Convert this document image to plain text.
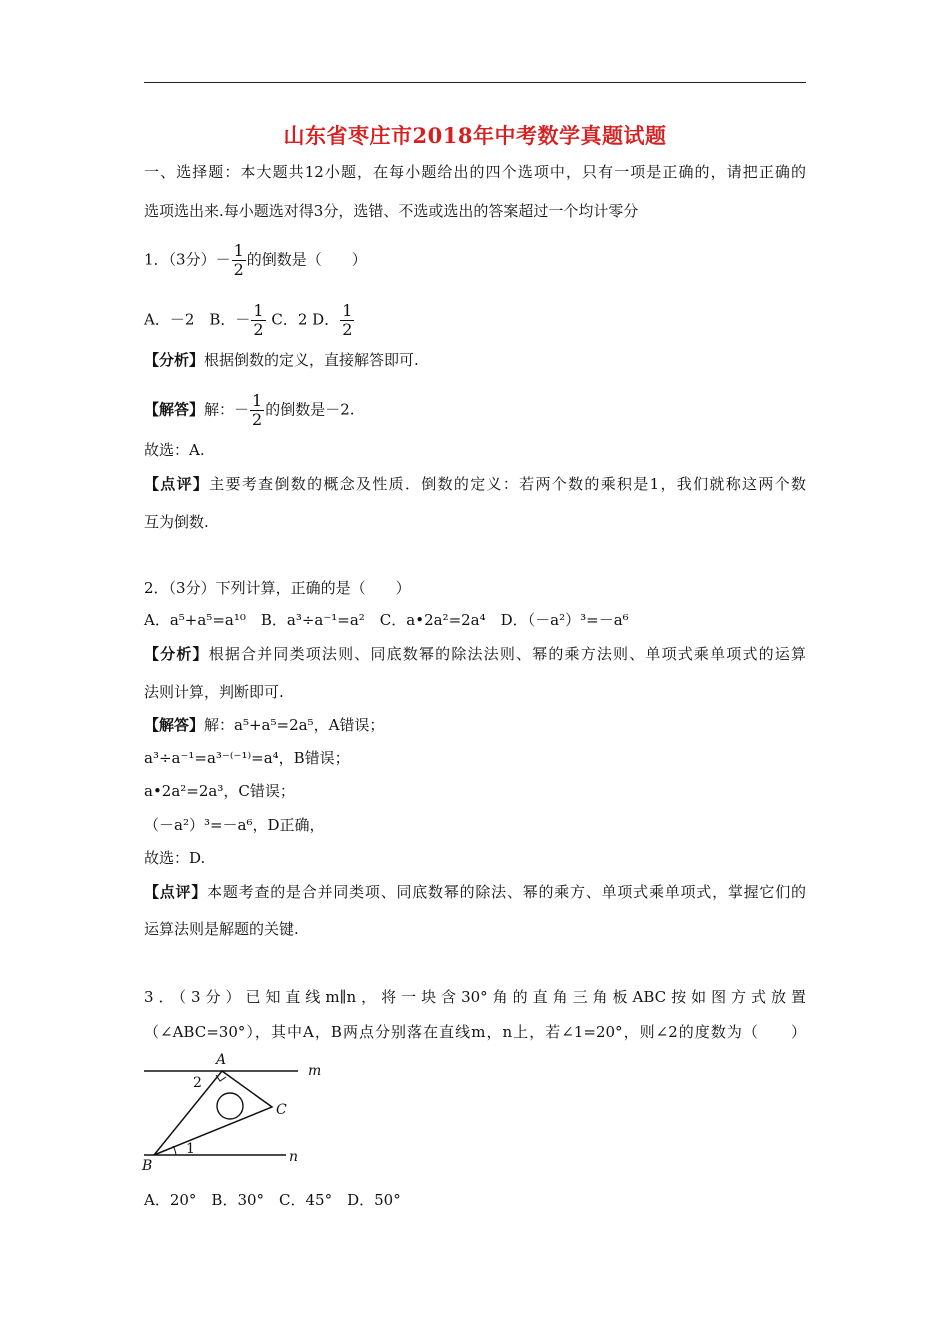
山东省枣庄市2018年中考数学真题试题
一、选择题：本大题共12小题，在每小题给出的四个选项中，只有一项是正确的，请把正确的
选项选出来.每小题选对得3分，选错、不选或选出的答案超过一个均计零分
1．（3分）－ $\frac{1}{2}$ 的倒数是（　　）
A．－2　B．－ $\frac{1}{2}$ C．2 D． $\frac{1}{2}$
【分析】根据倒数的定义，直接解答即可.
【解答】解：－ $\frac{1}{2}$ 的倒数是－2.
故选：A.
【点评】主要考查倒数的概念及性质．倒数的定义：若两个数的乘积是1，我们就称这两个数
互为倒数.
2．（3分）下列计算，正确的是（　　）
A．a⁵+a⁵=a¹⁰　B．a³÷a⁻¹=a²　C．a•2a²=2a⁴　D．（－a²）³=－a⁶
【分析】根据合并同类项法则、同底数幂的除法法则、幂的乘方法则、单项式乘单项式的运算
法则计算，判断即可.
【解答】解：a⁵+a⁵=2a⁵，A错误；
a³÷a⁻¹=a³⁻⁽⁻¹⁾=a⁴，B错误；
a•2a²=2a³，C错误；
（－a²）³=－a⁶，D正确，
故选：D.
【点评】本题考查的是合并同类项、同底数幂的除法、幂的乘方、单项式乘单项式，掌握它们的
运算法则是解题的关键.
3．（3分）已知直线m∥n，将一块含30°角的直角三角板ABC按如图方式放置
（∠ABC=30°），其中A，B两点分别落在直线m，n上，若∠1=20°，则∠2的度数为（　　）
A
C
B
m
n
1
2
A．20°　B．30°　C．45°　D．50°
